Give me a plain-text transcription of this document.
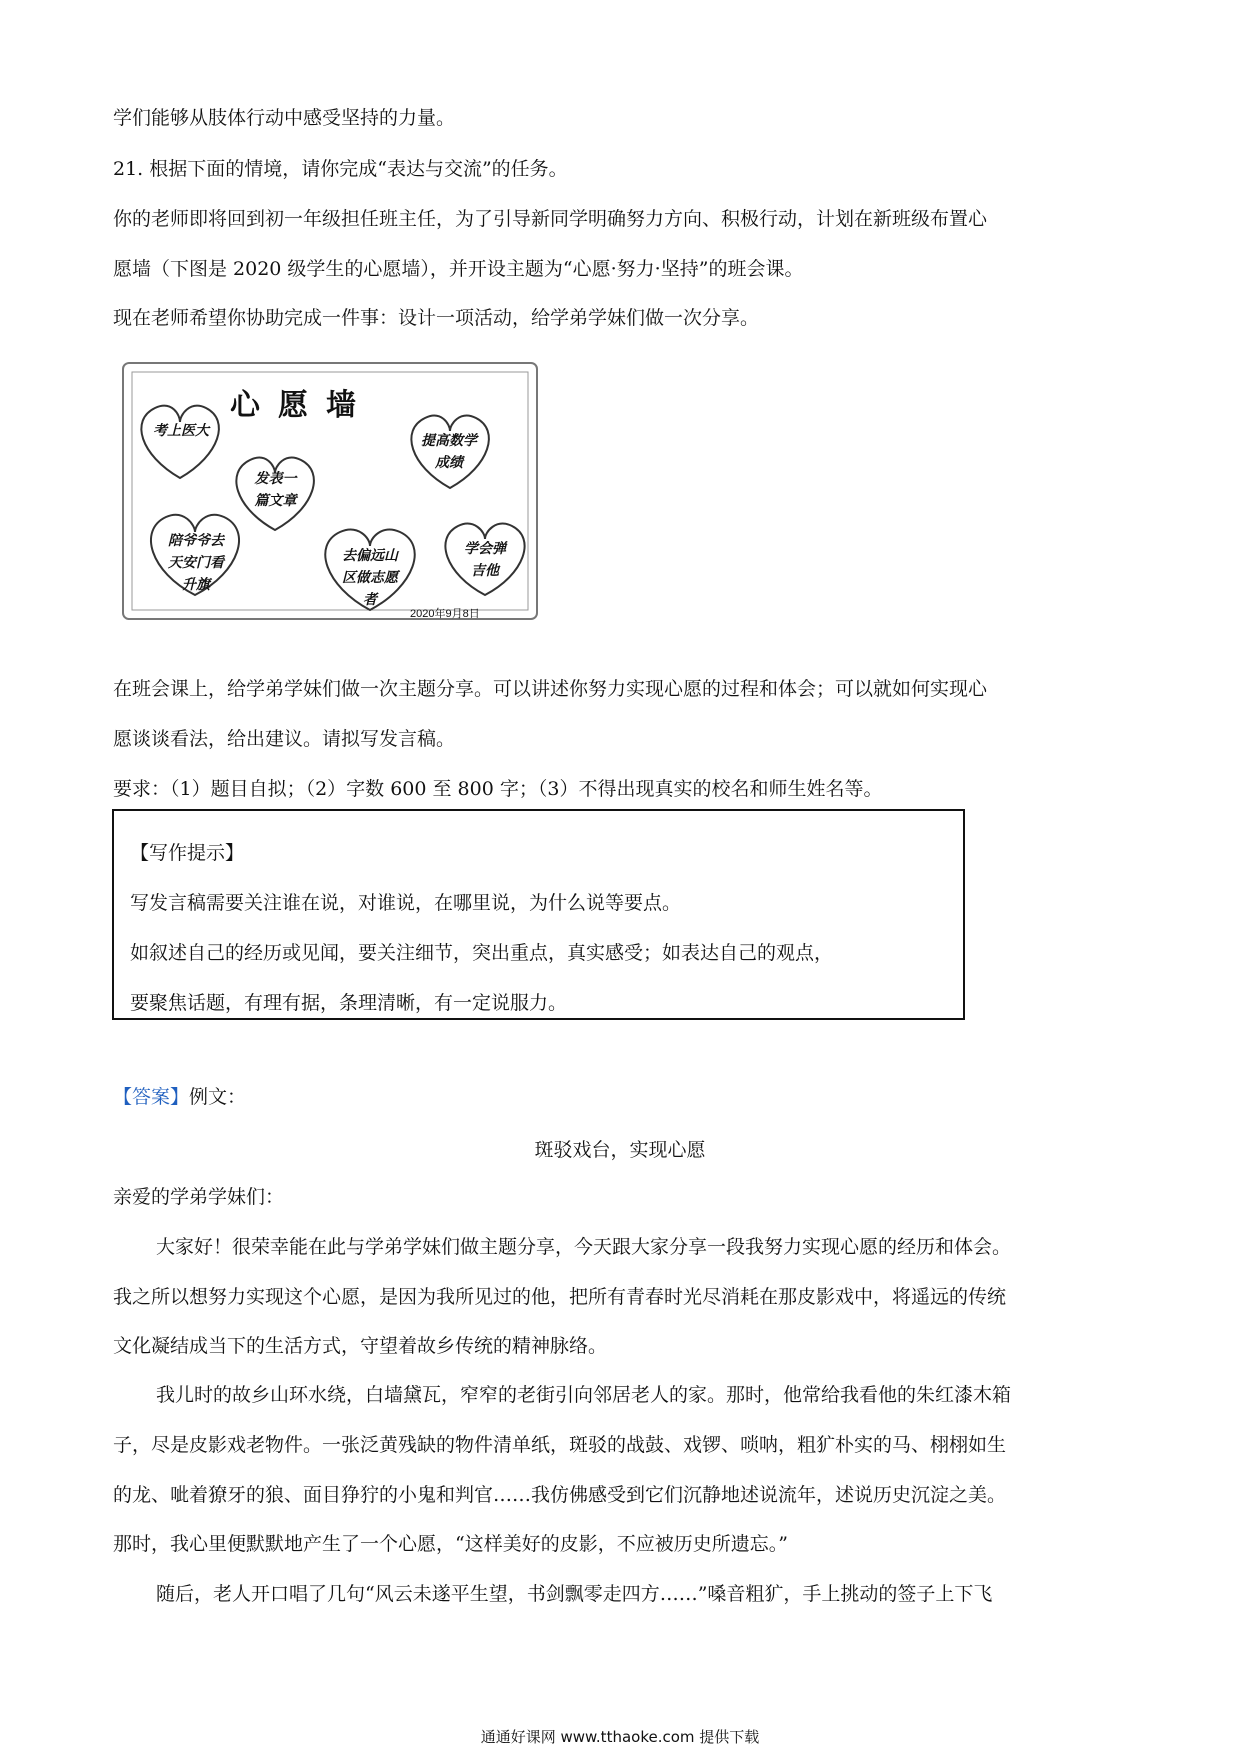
学们能够从肢体行动中感受坚持的力量。
21. 根据下面的情境，请你完成“表达与交流”的任务。
你的老师即将回到初一年级担任班主任，为了引导新同学明确努力方向、积极行动，计划在新班级布置心
愿墙（下图是 2020 级学生的心愿墙），并开设主题为“心愿·努力·坚持”的班会课。
现在老师希望你协助完成一件事：设计一项活动，给学弟学妹们做一次分享。
心愿墙
考上医大
发表一篇文章
提高数学成绩
陪爷爷去天安门看升旗
去偏远山区做志愿者
学会弹吉他
2020年9月8日
在班会课上，给学弟学妹们做一次主题分享。可以讲述你努力实现心愿的过程和体会；可以就如何实现心
愿谈谈看法，给出建议。请拟写发言稿。
要求：（1）题目自拟；（2）字数 600 至 800 字；（3）不得出现真实的校名和师生姓名等。
【写作提示】
写发言稿需要关注谁在说，对谁说，在哪里说，为什么说等要点。
如叙述自己的经历或见闻，要关注细节，突出重点，真实感受；如表达自己的观点，
要聚焦话题，有理有据，条理清晰，有一定说服力。
【答案】例文：
斑驳戏台，实现心愿
亲爱的学弟学妹们：
大家好！很荣幸能在此与学弟学妹们做主题分享，今天跟大家分享一段我努力实现心愿的经历和体会。
我之所以想努力实现这个心愿，是因为我所见过的他，把所有青春时光尽消耗在那皮影戏中，将遥远的传统
文化凝结成当下的生活方式，守望着故乡传统的精神脉络。
我儿时的故乡山环水绕，白墙黛瓦，窄窄的老街引向邻居老人的家。那时，他常给我看他的朱红漆木箱
子，尽是皮影戏老物件。一张泛黄残缺的物件清单纸，斑驳的战鼓、戏锣、唢呐，粗犷朴实的马、栩栩如生
的龙、呲着獠牙的狼、面目狰狞的小鬼和判官……我仿佛感受到它们沉静地述说流年，述说历史沉淀之美。
那时，我心里便默默地产生了一个心愿，“这样美好的皮影，不应被历史所遗忘。”
随后，老人开口唱了几句“风云未遂平生望，书剑飘零走四方……”嗓音粗犷，手上挑动的签子上下飞
通通好课网 www.tthaoke.com 提供下载
